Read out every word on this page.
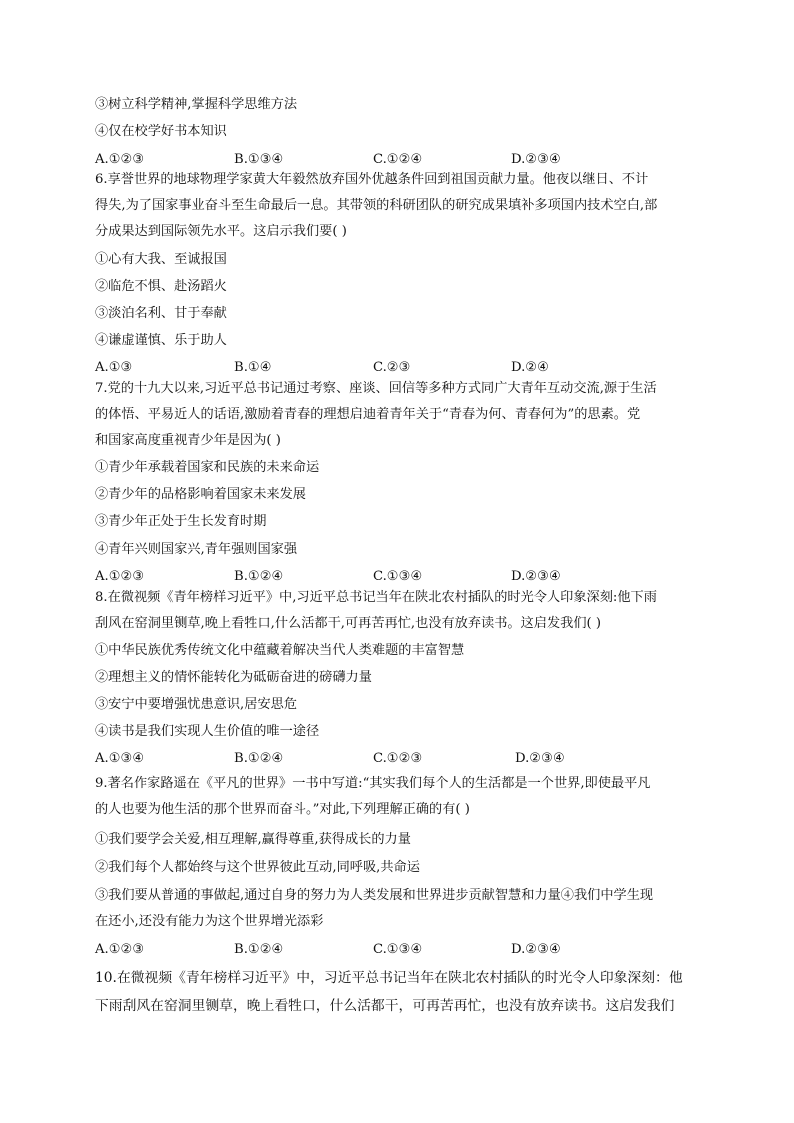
③树立科学精神,掌握科学思维方法
④仅在校学好书本知识
A.①②③	B.①③④	C.①②④	D.②③④
6.享誉世界的地球物理学家黄大年毅然放弃国外优越条件回到祖国贡献力量。他夜以继日、不计
得失,为了国家事业奋斗至生命最后一息。其带领的科研团队的研究成果填补多项国内技术空白,部
分成果达到国际领先水平。这启示我们要( )
①心有大我、至诚报国
②临危不惧、赴汤蹈火
③淡泊名利、甘于奉献
④谦虚谨慎、乐于助人
A.①③	B.①④	C.②③	D.②④
7.党的十九大以来,习近平总书记通过考察、座谈、回信等多种方式同广大青年互动交流,源于生活
的体悟、平易近人的话语,激励着青春的理想启迪着青年关于“青春为何、青春何为”的思素。党
和国家高度重视青少年是因为( )
①青少年承载着国家和民族的未来命运
②青少年的品格影响着国家未来发展
③青少年正处于生长发育时期
④青年兴则国家兴,青年强则国家强
A.①②③	B.①②④	C.①③④	D.②③④
8.在微视频《青年榜样习近平》中,习近平总书记当年在陕北农村插队的时光令人印象深刻:他下雨
刮风在窑洞里铡草,晚上看牲口,什么活都干,可再苦再忙,也没有放弃读书。这启发我们( )
①中华民族优秀传统文化中蕴藏着解决当代人类难题的丰富智慧
②理想主义的情怀能转化为砥砺奋进的磅礴力量
③安宁中要增强忧患意识,居安思危
④读书是我们实现人生价值的唯一途径
A.①③④	B.①②④	C.①②③	D.②③④
9.著名作家路遥在《平凡的世界》一书中写道:“其实我们每个人的生活都是一个世界,即使最平凡
的人也要为他生活的那个世界而奋斗。”对此,下列理解正确的有( )
①我们要学会关爱,相互理解,赢得尊重,获得成长的力量
②我们每个人都始终与这个世界彼此互动,同呼吸,共命运
③我们要从普通的事做起,通过自身的努力为人类发展和世界进步贡献智慧和力量④我们中学生现
在还小,还没有能力为这个世界增光添彩
A.①②③	B.①②④	C.①③④	D.②③④
10.在微视频《青年榜样习近平》中，习近平总书记当年在陕北农村插队的时光令人印象深刻：他
下雨刮风在窑洞里铡草，晚上看牲口，什么活都干，可再苦再忙，也没有放弃读书。这启发我们
